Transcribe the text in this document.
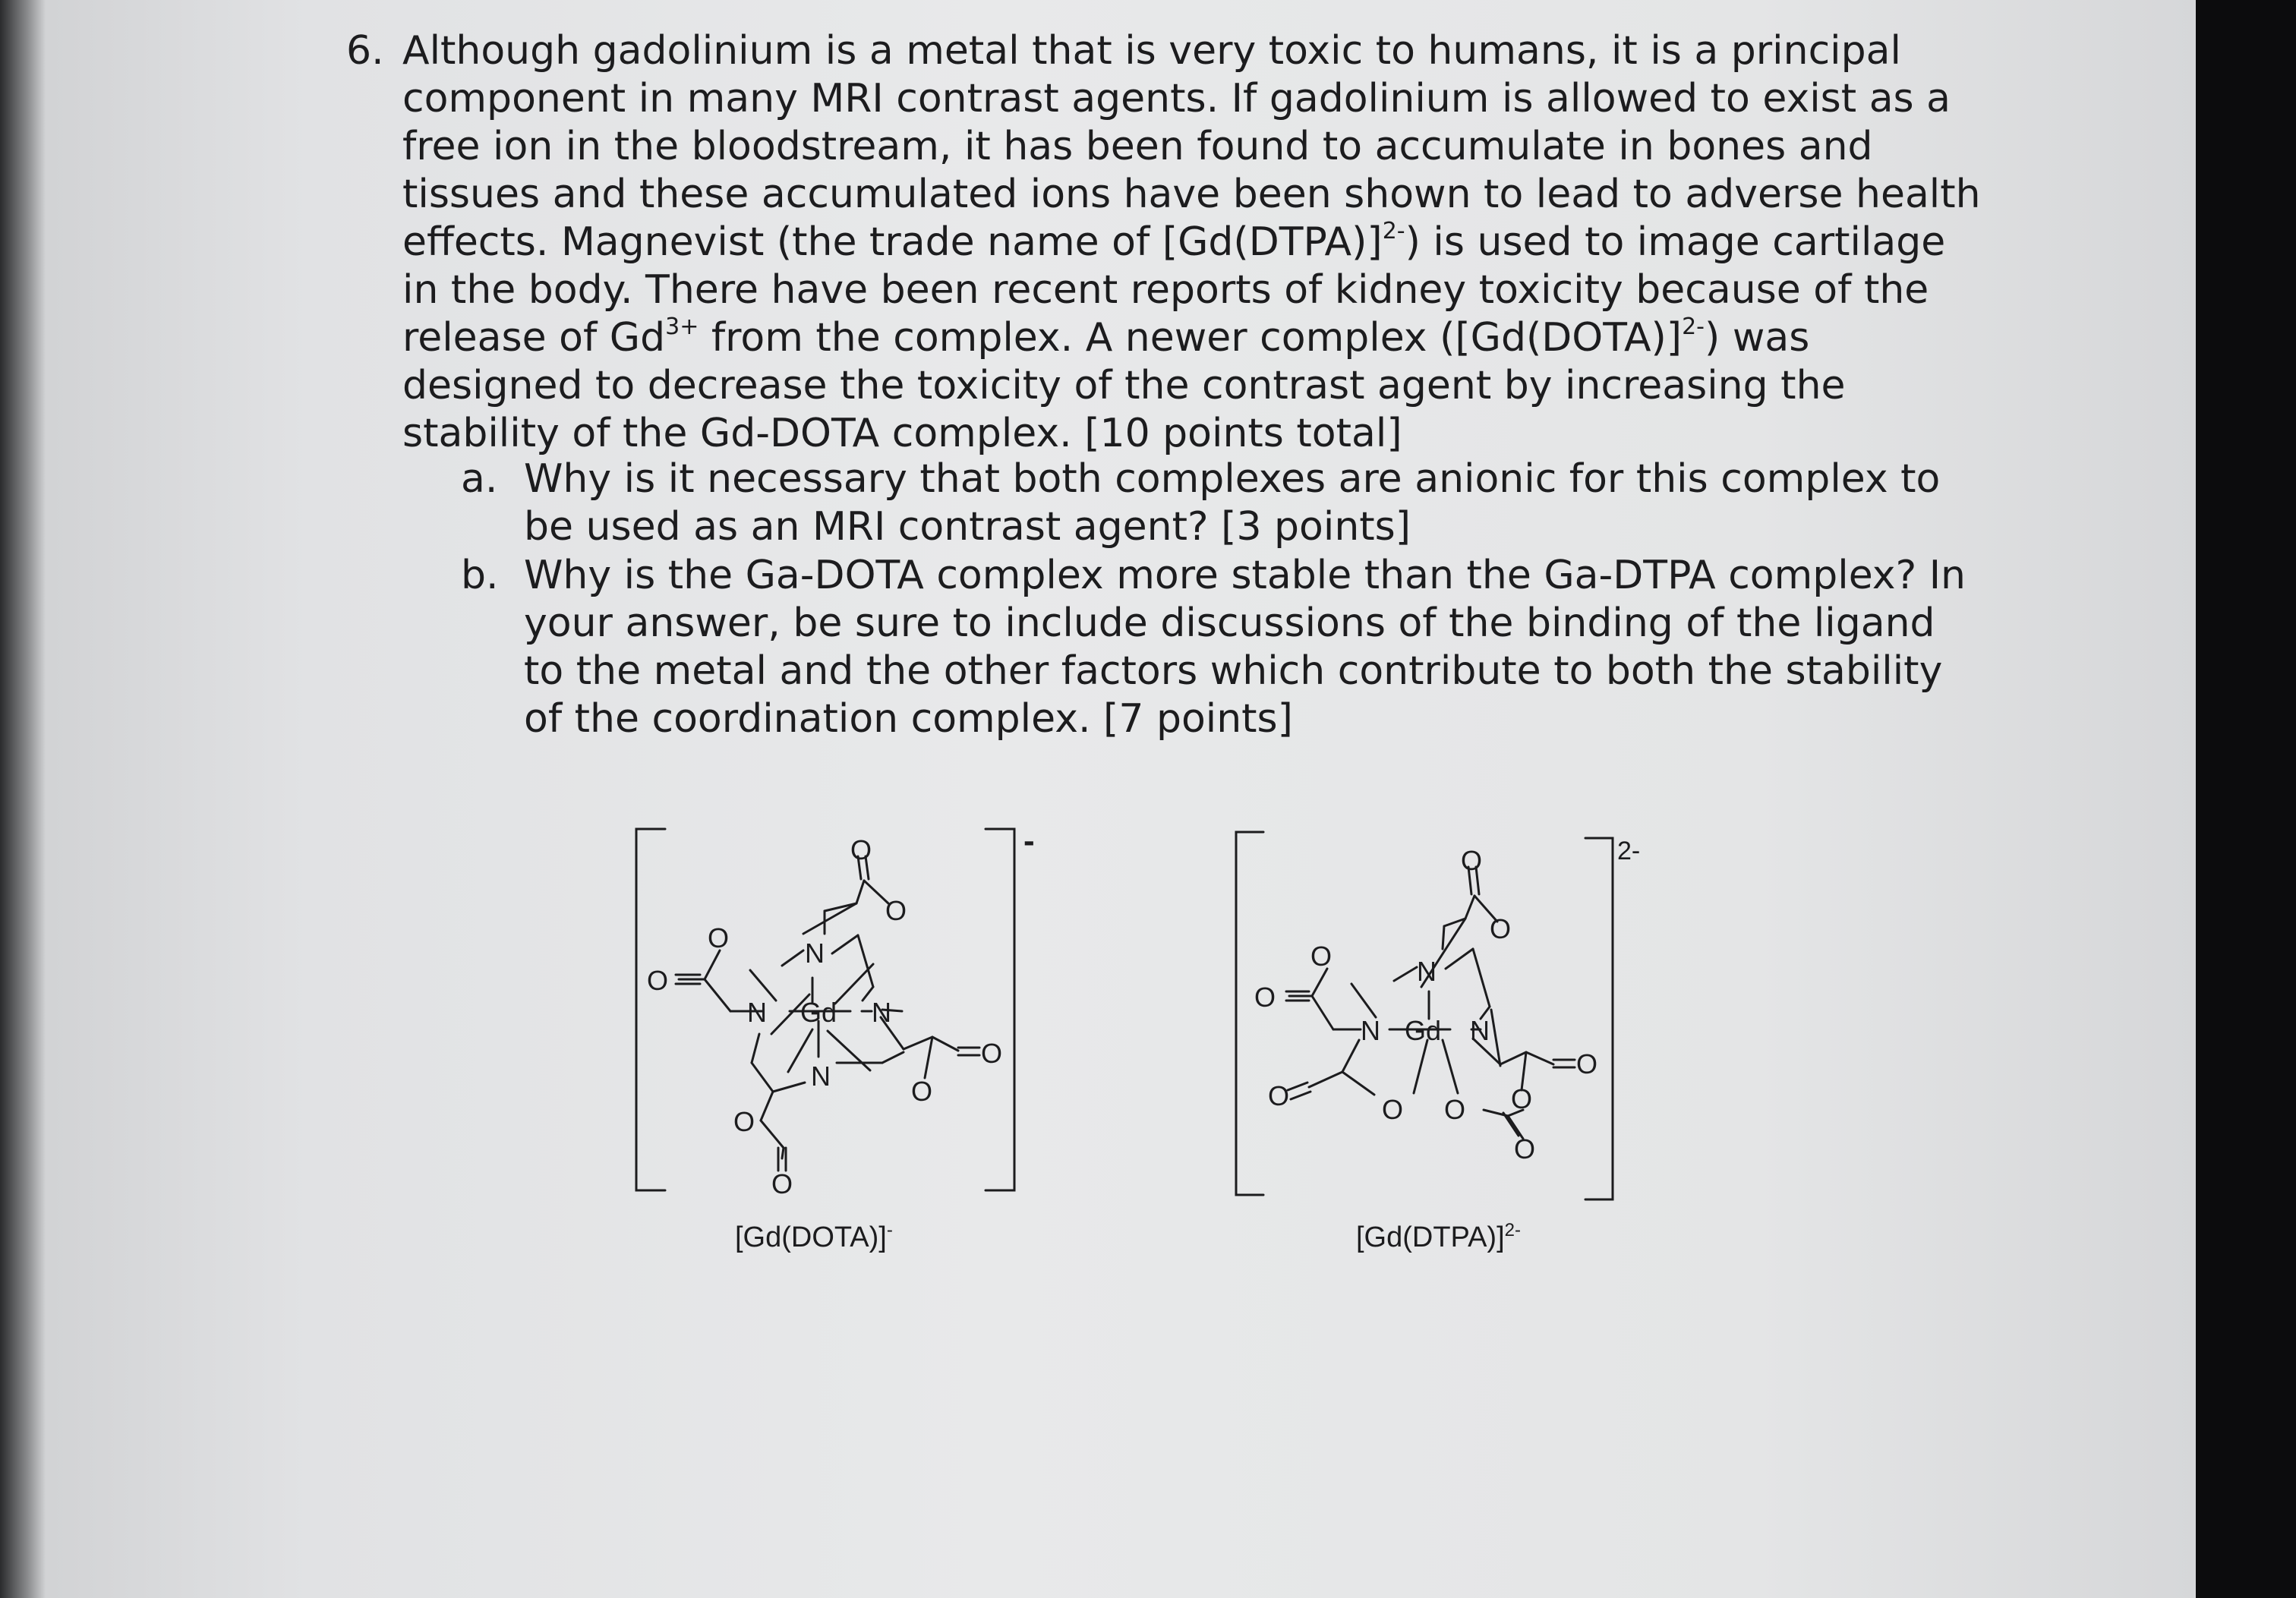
6. Although gadolinium is a metal that is very toxic to humans, it is a principal
component in many MRI contrast agents. If gadolinium is allowed to exist as a
free ion in the bloodstream, it has been found to accumulate in bones and
tissues and these accumulated ions have been shown to lead to adverse health
effects. Magnevist (the trade name of [Gd(DTPA)]$^{2-}$) is used to image cartilage
in the body. There have been recent reports of kidney toxicity because of the
release of $Gd^{3+}$ from the complex. A newer complex ([Gd(DOTA)]$^{2-}$) was
designed to decrease the toxicity of the contrast agent by increasing the
stability of the Gd-DOTA complex. [10 points total]

a. Why is it necessary that both complexes are anionic for this complex to
be used as an MRI contrast agent? [3 points]

b. Why is the Ga-DOTA complex more stable than the Ga-DTPA complex? In
your answer, be sure to include discussions of the binding of the ligand
to the metal and the other factors which contribute to both the stability
of the coordination complex. [7 points]

O
O
O
O
N
N Gd N
N
O
O
O
O
-
[Gd(DOTA)]-
O
O
O
O
N
N Gd N
O
O
O	O O
O
2-
[Gd(DTPA)]$^{2-}$
